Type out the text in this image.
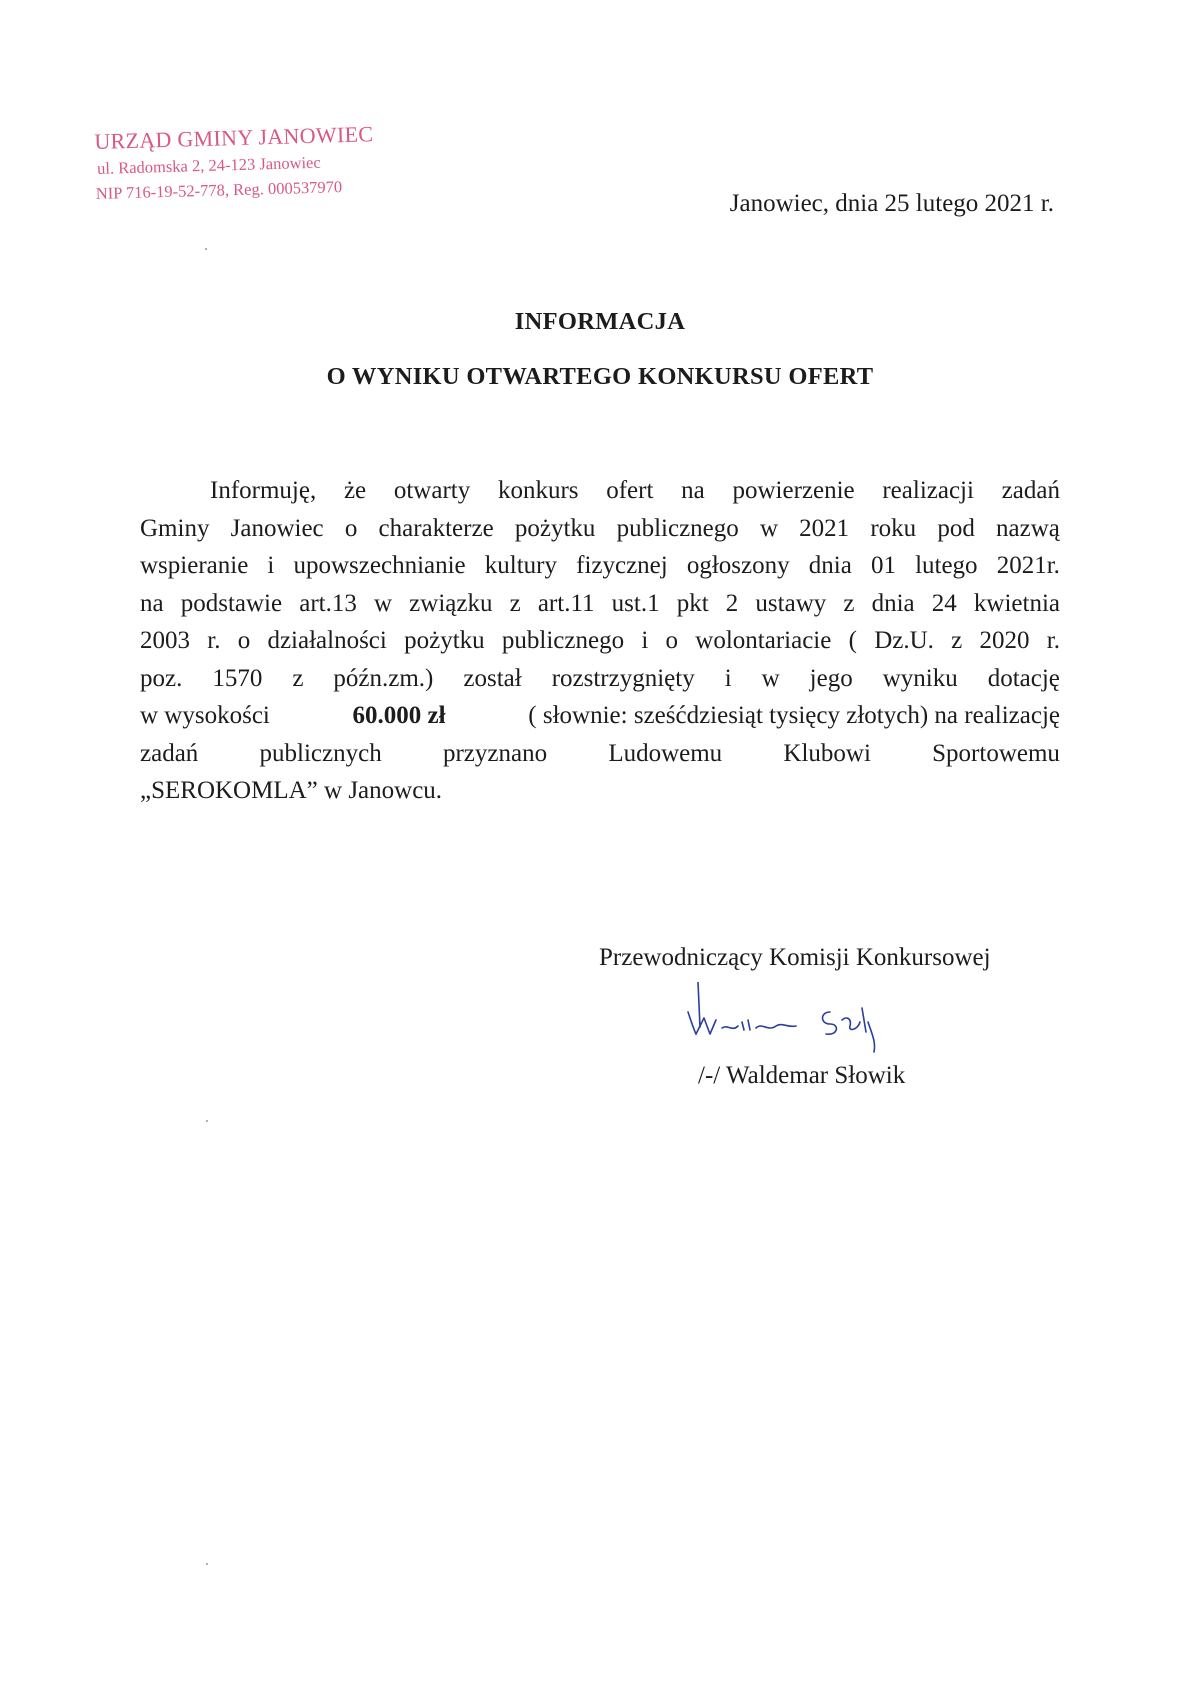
URZĄD GMINY JANOWIEC
ul. Radomska 2, 24-123 Janowiec
NIP 716-19-52-778, Reg. 000537970	Janowiec, dnia 25 lutego 2021 r.
INFORMACJA
O WYNIKU OTWARTEGO KONKURSU OFERT
Informuję, że otwarty konkurs ofert na powierzenie realizacji zadań
Gminy Janowiec o charakterze pożytku publicznego w 2021 roku pod nazwą
wspieranie i upowszechnianie kultury fizycznej ogłoszony dnia 01 lutego 2021r.
na podstawie art.13 w związku z art.11 ust.1 pkt 2 ustawy z dnia 24 kwietnia
2003 r. o działalności pożytku publicznego i o wolontariacie ( Dz.U. z 2020 r.
poz. 1570 z późn.zm.) został rozstrzygnięty i w jego wyniku dotację
w wysokości	60.000 zł	( słownie: sześćdziesiąt tysięcy złotych) na realizację
zadań publicznych przyznano Ludowemu Klubowi Sportowemu
„SEROKOMLA” w Janowcu.
Przewodniczący Komisji Konkursowej
/-/ Waldemar Słowik
